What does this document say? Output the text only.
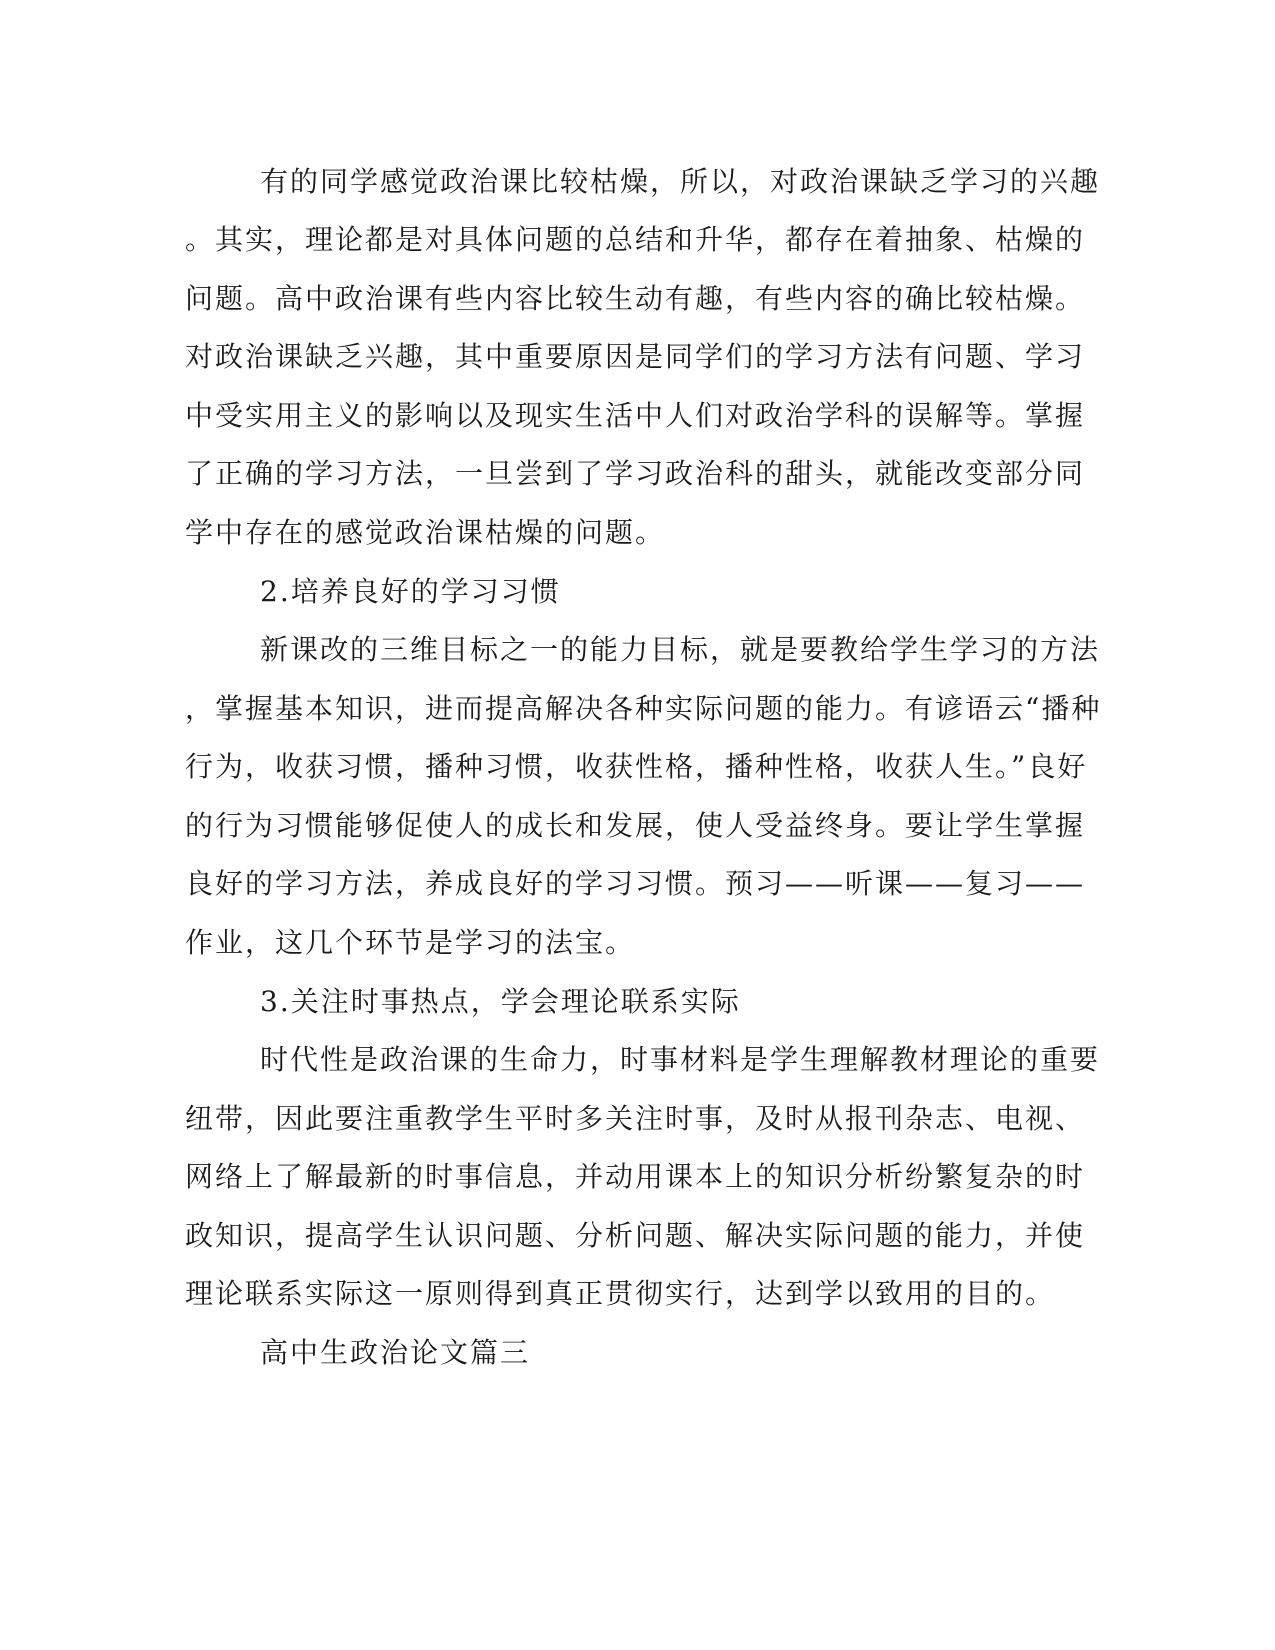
有的同学感觉政治课比较枯燥，所以，对政治课缺乏学习的兴趣
。其实，理论都是对具体问题的总结和升华，都存在着抽象、枯燥的
问题。高中政治课有些内容比较生动有趣，有些内容的确比较枯燥。
对政治课缺乏兴趣，其中重要原因是同学们的学习方法有问题、学习
中受实用主义的影响以及现实生活中人们对政治学科的误解等。掌握
了正确的学习方法，一旦尝到了学习政治科的甜头，就能改变部分同
学中存在的感觉政治课枯燥的问题。
2.培养良好的学习习惯
新课改的三维目标之一的能力目标，就是要教给学生学习的方法
，掌握基本知识，进而提高解决各种实际问题的能力。有谚语云“播种
行为，收获习惯，播种习惯，收获性格，播种性格，收获人生。”良好
的行为习惯能够促使人的成长和发展，使人受益终身。要让学生掌握
良好的学习方法，养成良好的学习习惯。预习——听课——复习——
作业，这几个环节是学习的法宝。
3.关注时事热点，学会理论联系实际
时代性是政治课的生命力，时事材料是学生理解教材理论的重要
纽带，因此要注重教学生平时多关注时事，及时从报刊杂志、电视、
网络上了解最新的时事信息，并动用课本上的知识分析纷繁复杂的时
政知识，提高学生认识问题、分析问题、解决实际问题的能力，并使
理论联系实际这一原则得到真正贯彻实行，达到学以致用的目的。
高中生政治论文篇三
